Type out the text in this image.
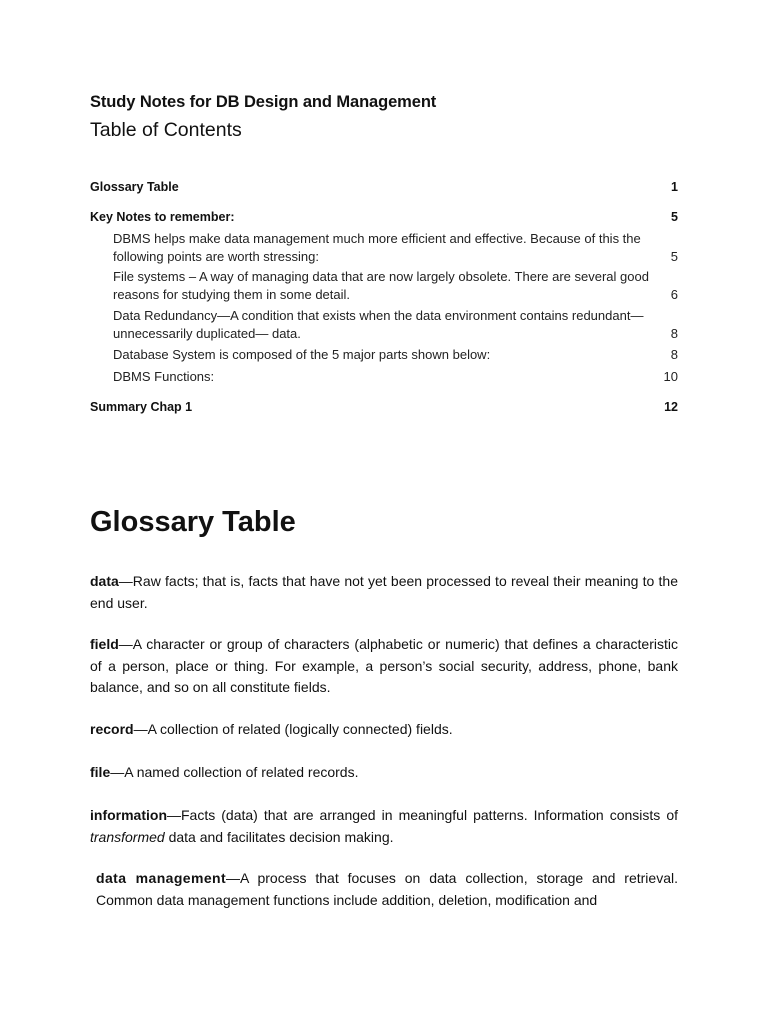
Study Notes for DB Design and Management
Table of Contents
Glossary Table	1
Key Notes to remember:	5
DBMS helps make data management much more efficient and effective. Because of this the following points are worth stressing:	5
File systems – A way of managing data that are now largely obsolete. There are several good reasons for studying them in some detail.	6
Data Redundancy—A condition that exists when the data environment contains redundant—unnecessarily duplicated— data.	8
Database System is composed of the 5 major parts shown below:	8
DBMS Functions:	10
Summary Chap 1	12
Glossary Table

data—Raw facts; that is, facts that have not yet been processed to reveal their meaning to the end user.

field—A character or group of characters (alphabetic or numeric) that defines a characteristic of a person, place or thing. For example, a person’s social security, address, phone, bank balance, and so on all constitute fields.

record—A collection of related (logically connected) fields.

file—A named collection of related records.

information—Facts (data) that are arranged in meaningful patterns. Information consists of transformed data and facilitates decision making.

data management—A process that focuses on data collection, storage and retrieval. Common data management functions include addition, deletion, modification and
